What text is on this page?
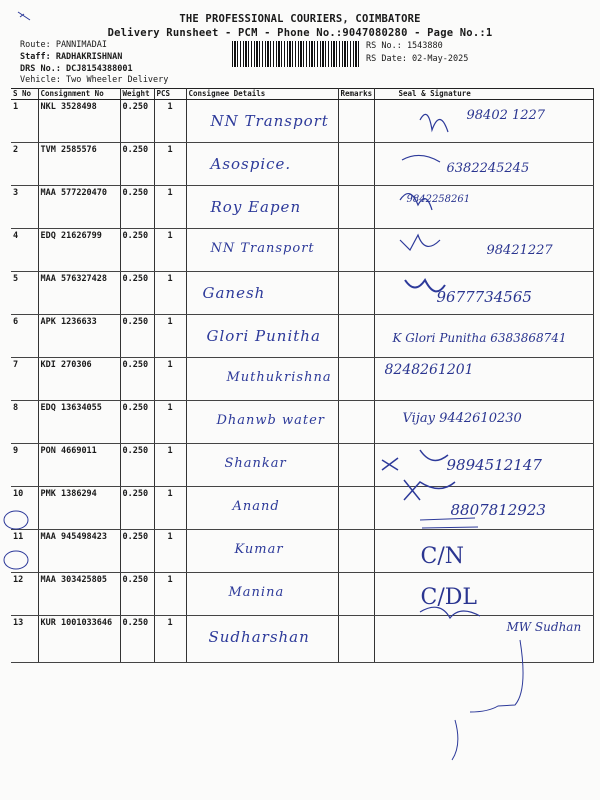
THE PROFESSIONAL COURIERS, COIMBATORE
Delivery Runsheet - PCM - Phone No.:9047080280 - Page No.:1
Route: PANNIMADAI
Staff: RADHAKRISHNAN
DRS No.: DCJ8154388001
Vehicle: Two Wheeler Delivery
RS No.: 1543880
RS Date: 02-May-2025
S No	Consignment No	Weight	PCS	Consignee Details	Remarks	Seal & Signature
1	NKL 3528498	0.250	1	NN Transport		98402 1227

2	TVM 2585576	0.250	1	Asospice.		6382245245

3	MAA 577220470	0.250	1	Roy Eapen		9842258261

4	EDQ 21626799	0.250	1	NN Transport		98421227

5	MAA 576327428	0.250	1	Ganesh		9677734565

6	APK 1236633	0.250	1	Glori Punitha		K Glori Punitha 6383868741

7	KDI 270306	0.250	1	Muthukrishna		8248261201

8	EDQ 13634055	0.250	1	Dhanwb water		Vijay 9442610230

9	PON 4669011	0.250	1	Shankar		9894512147

10	PMK 1386294	0.250	1	Anand		8807812923

11	MAA 945498423	0.250	1	Kumar		C/N

12	MAA 303425805	0.250	1	Manina		C/DL

13	KUR 1001033646	0.250	1	Sudharshan		MW Sudhan
